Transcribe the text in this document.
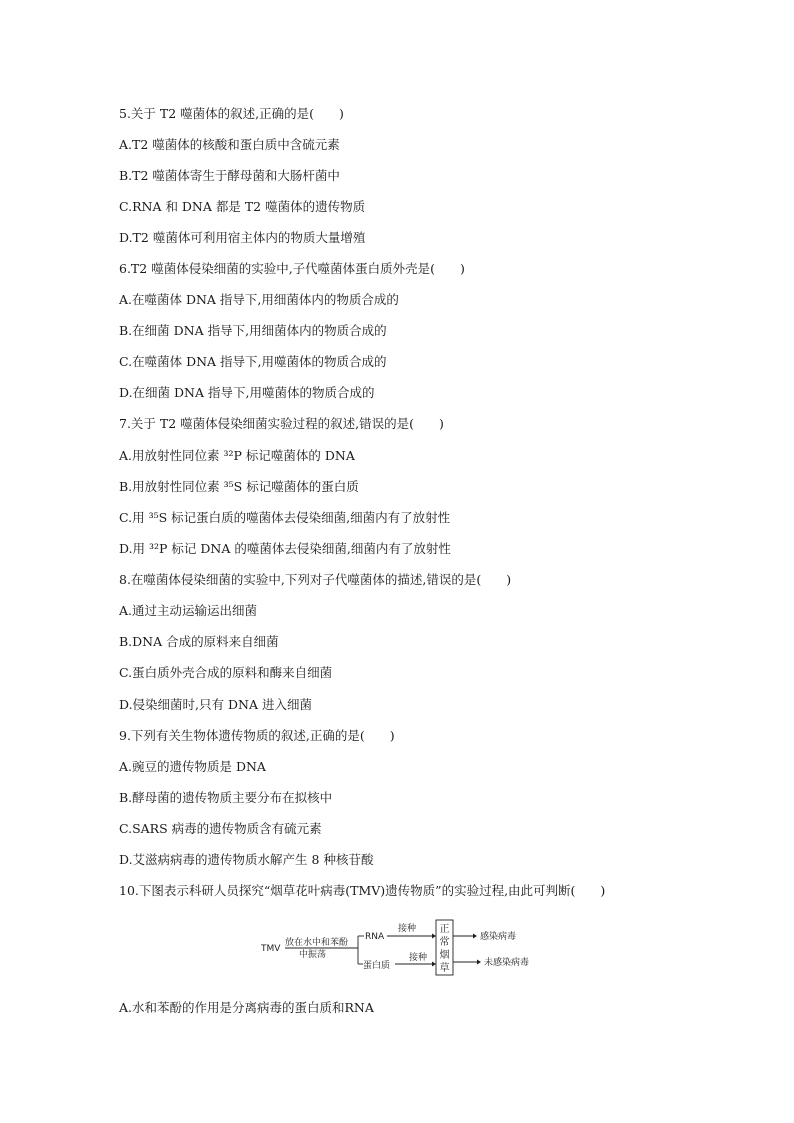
5.关于 T2 噬菌体的叙述,正确的是(　　)
A.T2 噬菌体的核酸和蛋白质中含硫元素
B.T2 噬菌体寄生于酵母菌和大肠杆菌中
C.RNA 和 DNA 都是 T2 噬菌体的遗传物质
D.T2 噬菌体可利用宿主体内的物质大量增殖
6.T2 噬菌体侵染细菌的实验中,子代噬菌体蛋白质外壳是(　　)
A.在噬菌体 DNA 指导下,用细菌体内的物质合成的
B.在细菌 DNA 指导下,用细菌体内的物质合成的
C.在噬菌体 DNA 指导下,用噬菌体的物质合成的
D.在细菌 DNA 指导下,用噬菌体的物质合成的
7.关于 T2 噬菌体侵染细菌实验过程的叙述,错误的是(　　)
A.用放射性同位素 ³²P 标记噬菌体的 DNA
B.用放射性同位素 ³⁵S 标记噬菌体的蛋白质
C.用 ³⁵S 标记蛋白质的噬菌体去侵染细菌,细菌内有了放射性
D.用 ³²P 标记 DNA 的噬菌体去侵染细菌,细菌内有了放射性
8.在噬菌体侵染细菌的实验中,下列对子代噬菌体的描述,错误的是(　　)
A.通过主动运输运出细菌
B.DNA 合成的原料来自细菌
C.蛋白质外壳合成的原料和酶来自细菌
D.侵染细菌时,只有 DNA 进入细菌
9.下列有关生物体遗传物质的叙述,正确的是(　　)
A.豌豆的遗传物质是 DNA
B.酵母菌的遗传物质主要分布在拟核中
C.SARS 病毒的遗传物质含有硫元素
D.艾滋病病毒的遗传物质水解产生 8 种核苷酸
10.下图表示科研人员探究“烟草花叶病毒(TMV)遗传物质”的实验过程,由此可判断(　　)
TMV
放在水中和苯酚
中振荡
RNA
蛋白质
接种
接种
正
常
烟
草
感染病毒
未感染病毒
A.水和苯酚的作用是分离病毒的蛋白质和RNA
